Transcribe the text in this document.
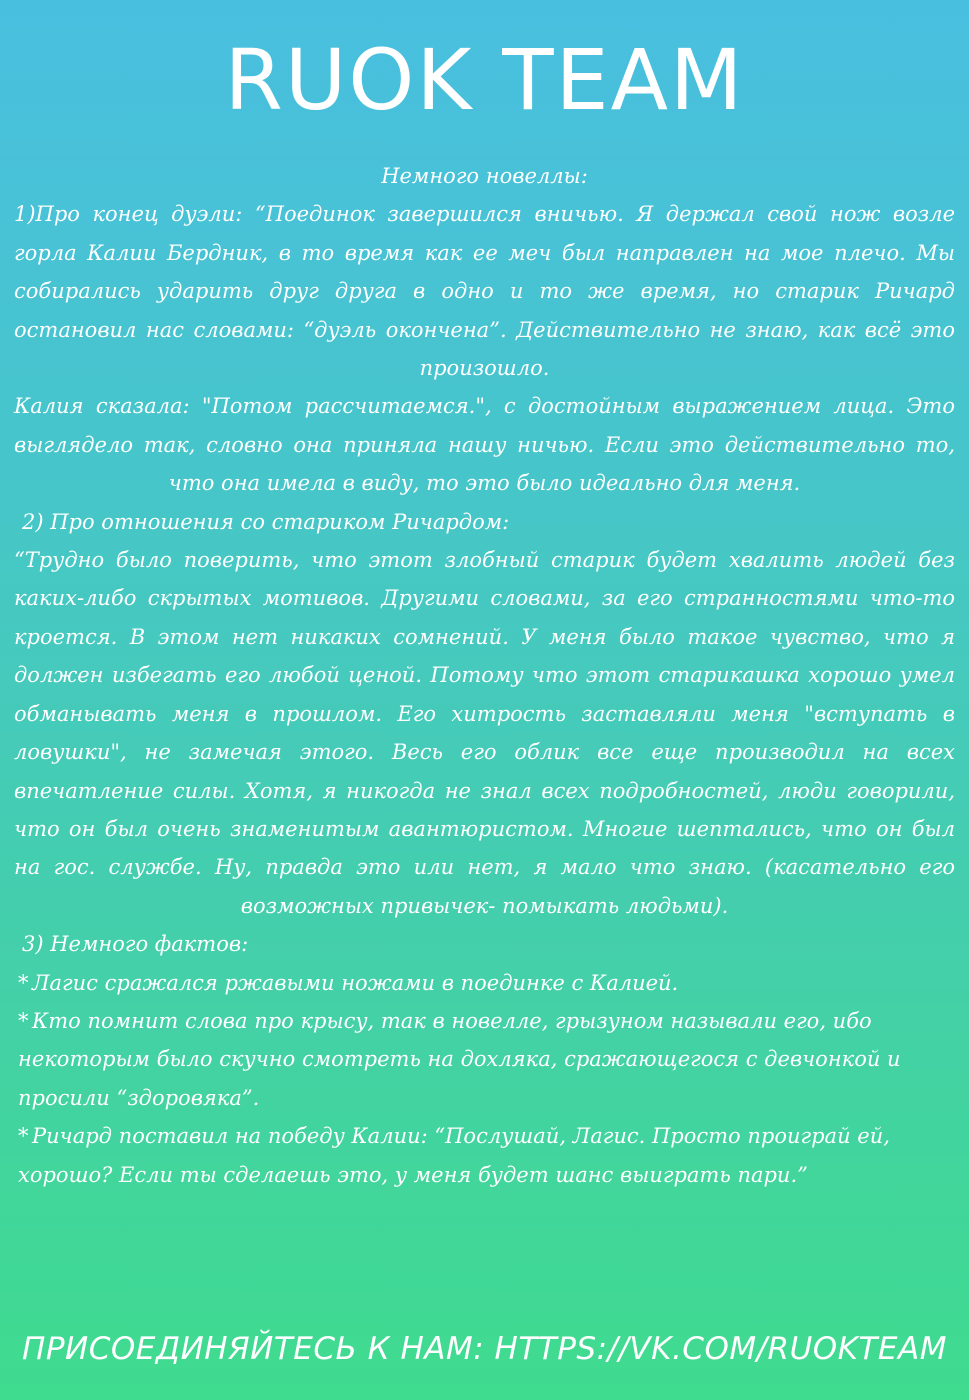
RUOK TEAM

Немного новеллы:

1)Про конец дуэли: “Поединок завершился вничью. Я держал свой нож возле горла Калии Бердник, в то время как ее меч был направлен на мое плечо. Мы собирались ударить друг друга в одно и то же время, но старик Ричард остановил нас словами: “дуэль окончена”. Действительно не знаю, как всё это произошло.

Калия сказала: "Потом рассчитаемся.", с достойным выражением лица. Это выглядело так, словно она приняла нашу ничью. Если это действительно то, что она имела в виду, то это было идеально для меня.

2) Про отношения со стариком Ричардом:

“Трудно было поверить, что этот злобный старик будет хвалить людей без каких-либо скрытых мотивов. Другими словами, за его странностями что-то кроется. В этом нет никаких сомнений. У меня было такое чувство, что я должен избегать его любой ценой. Потому что этот старикашка хорошо умел обманывать меня в прошлом. Его хитрость заставляли меня "вступать в ловушки", не замечая этого. Весь его облик все еще производил на всех впечатление силы. Хотя, я никогда не знал всех подробностей, люди говорили, что он был очень знаменитым авантюристом. Многие шептались, что он был на гос. службе. Ну, правда это или нет, я мало что знаю. (касательно его возможных привычек- помыкать людьми).

3) Немного фактов:

* Лагис сражался ржавыми ножами в поединке с Калией.

* Кто помнит слова про крысу, так в новелле, грызуном называли его, ибо некоторым было скучно смотреть на дохляка, сражающегося с девчонкой и просили “здоровяка”.

* Ричард поставил на победу Калии: “Послушай, Лагис. Просто проиграй ей, хорошо? Если ты сделаешь это, у меня будет шанс выиграть пари.”

ПРИСОЕДИНЯЙТЕСЬ К НАМ: HTTPS://VK.COM/RUOKTEAM
